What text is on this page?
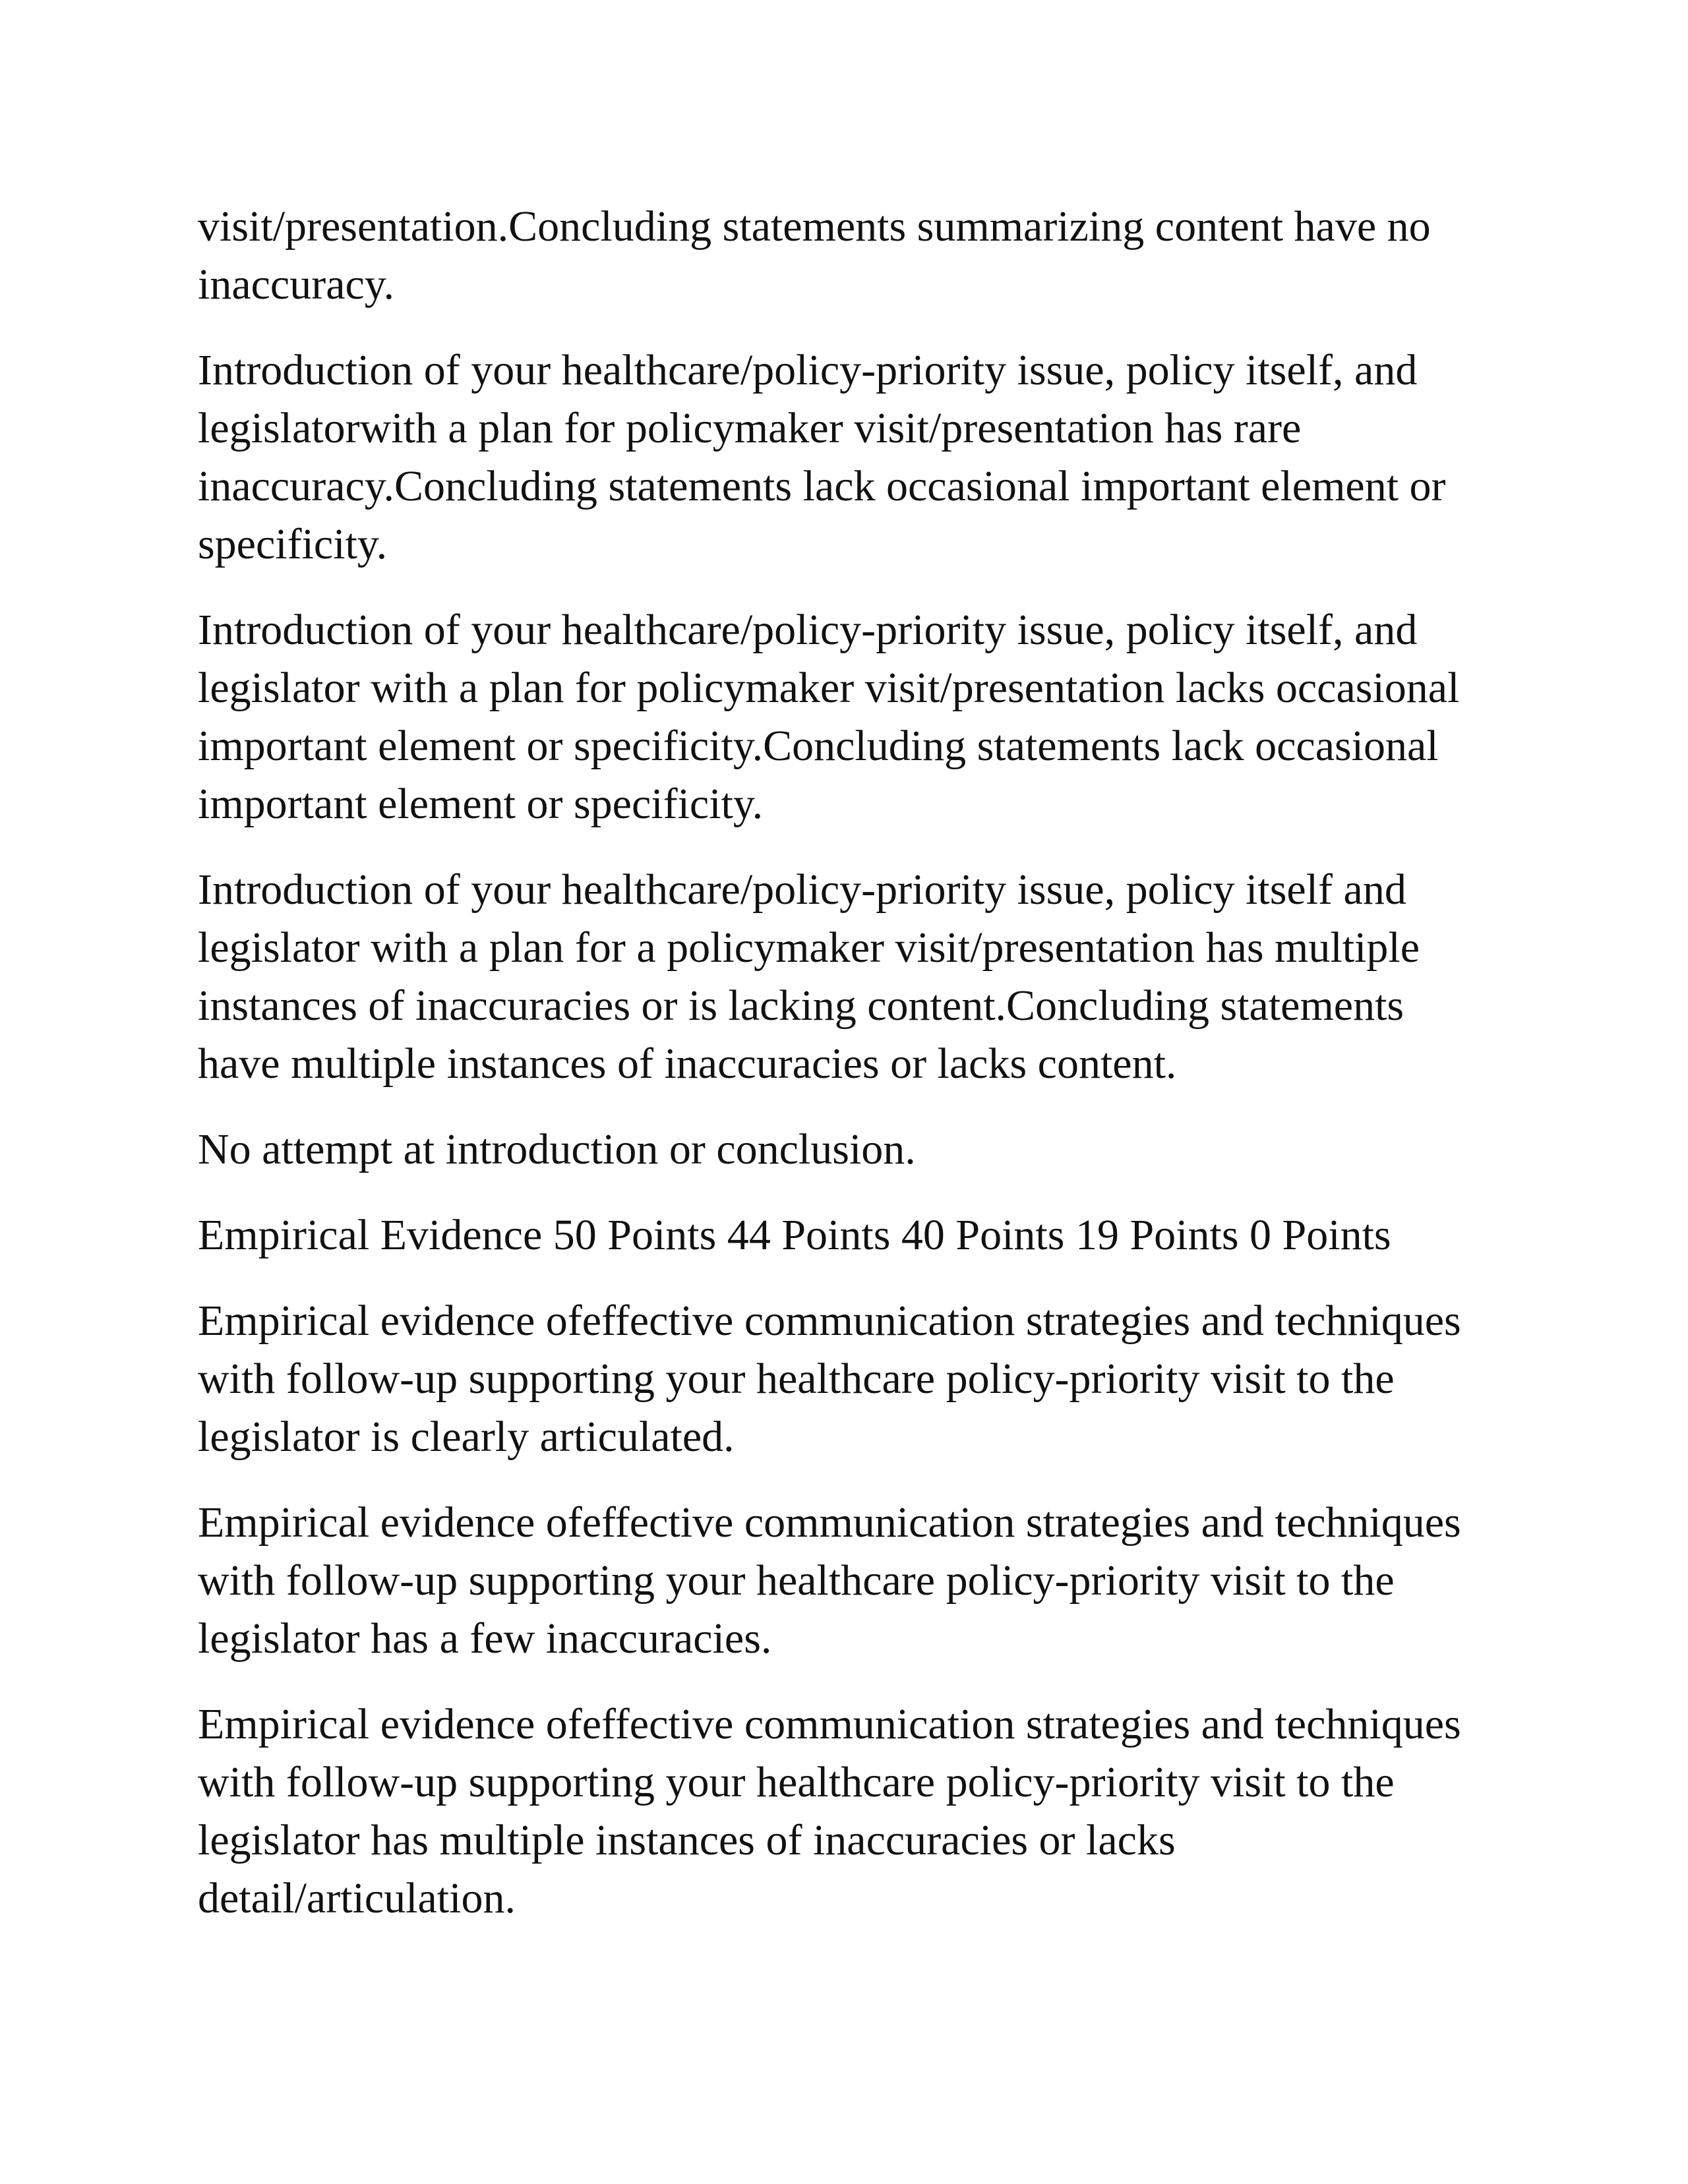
visit/presentation.Concluding statements summarizing content have no inaccuracy.

Introduction of your healthcare/policy-priority issue, policy itself, and legislatorwith a plan for policymaker visit/presentation has rare inaccuracy.Concluding statements lack occasional important element or specificity.

Introduction of your healthcare/policy-priority issue, policy itself, and legislator with a plan for policymaker visit/presentation lacks occasional important element or specificity.Concluding statements lack occasional important element or specificity.

Introduction of your healthcare/policy-priority issue, policy itself and legislator with a plan for a policymaker visit/presentation has multiple instances of inaccuracies or is lacking content.Concluding statements have multiple instances of inaccuracies or lacks content.

No attempt at introduction or conclusion.

Empirical Evidence 50 Points 44 Points 40 Points 19 Points 0 Points

Empirical evidence ofeffective communication strategies and techniques with follow-up supporting your healthcare policy-priority visit to the legislator is clearly articulated.

Empirical evidence ofeffective communication strategies and techniques with follow-up supporting your healthcare policy-priority visit to the legislator has a few inaccuracies.

Empirical evidence ofeffective communication strategies and techniques with follow-up supporting your healthcare policy-priority visit to the legislator has multiple instances of inaccuracies or lacks detail/articulation.
